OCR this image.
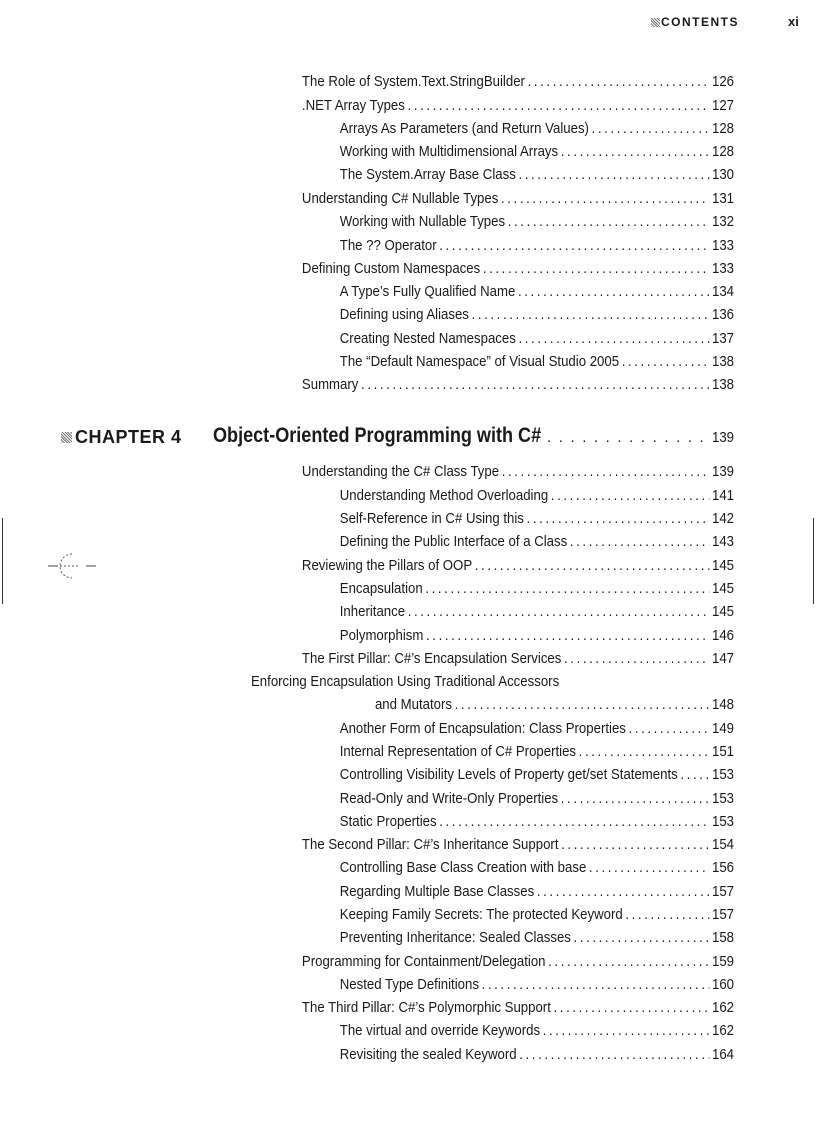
CONTENTS	xi
The Role of System.Text.StringBuilder . . .	126
.NET Array Types . . .	127
Arrays As Parameters (and Return Values) . . .	128
Working with Multidimensional Arrays . . .	128
The System.Array Base Class . . .	130
Understanding C# Nullable Types . . .	131
Working with Nullable Types . . .	132
The ?? Operator . . .	133
Defining Custom Namespaces . . .	133
A Type’s Fully Qualified Name . . .	134
Defining using Aliases . . .	136
Creating Nested Namespaces . . .	137
The “Default Namespace” of Visual Studio 2005 . . .	138
Summary . . .	138
CHAPTER 4 Object-Oriented Programming with C# . . .	139
Understanding the C# Class Type . . .	139
Understanding Method Overloading . . .	141
Self-Reference in C# Using this . . .	142
Defining the Public Interface of a Class . . .	143
Reviewing the Pillars of OOP . . .	145
Encapsulation . . .	145
Inheritance . . .	145
Polymorphism . . .	146
The First Pillar: C#’s Encapsulation Services . . .	147
Enforcing Encapsulation Using Traditional Accessors
and Mutators . . .	148
Another Form of Encapsulation: Class Properties . . .	149
Internal Representation of C# Properties . . .	151
Controlling Visibility Levels of Property get/set Statements . . . 153
Read-Only and Write-Only Properties . . .	153
Static Properties . . .	153
The Second Pillar: C#’s Inheritance Support . . .	154
Controlling Base Class Creation with base . . .	156
Regarding Multiple Base Classes . . .	157
Keeping Family Secrets: The protected Keyword . . .	157
Preventing Inheritance: Sealed Classes . . .	158
Programming for Containment/Delegation . . .	159
Nested Type Definitions . . .	160
The Third Pillar: C#’s Polymorphic Support . . .	162
The virtual and override Keywords . . .	162
Revisiting the sealed Keyword . . .	164
